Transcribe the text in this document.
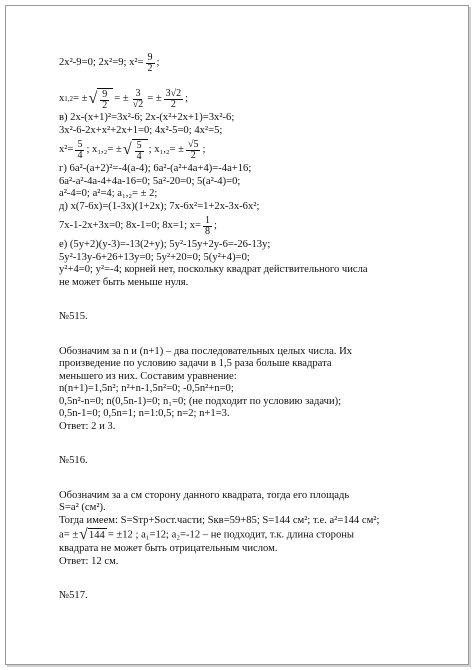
2x²-9=0; 2x²=9; $x^2= \frac{9}{2}$ ;
x 1,2 = ± √ $\frac{9}{2}$ = ± $\frac{3}{√2}$ = ± $\frac{3√2}{2}$ ;
в) 2x-(x+1)²=3x²-6; 2x-(x²+2x+1)=3x²-6;
3x²-6-2x+x²+2x+1=0; 4x²-5=0; 4x²=5;
$x^2= \frac{5}{4}$ ; x₁,₂= ± √ $\frac{5}{4}$ ; $x_1,_2= \pm \frac{√5}{2}$ ;
г) 6a²-(a+2)²=-4(a-4); 6a²-(a²+4a+4)=-4a+16;
6a²-a²-4a-4+4a-16=0; 5a²-20=0; 5(a²-4)=0;
a²-4=0; a²=4; a₁,₂= ± 2;
д) x(7-6x)=(1-3x)(1+2x); 7x-6x²=1+2x-3x-6x²;
7x-1-2x+3x=0; 8x-1=0; 8x=1; $x= \frac{1}{8}$ ;
е) (5y+2)(y-3)=-13(2+y); 5y²-15y+2y-6=-26-13y;
5y²-13y-6+26+13y=0; 5y²+20=0; 5(y²+4)=0;
y²+4=0; y²=-4; корней нет, поскольку квадрат действительного числа
не может быть меньше нуля.
№515.
Обозначим за n и (n+1) – два последовательных целых числа. Их
произведение по условию задачи в 1,5 раза больше квадрата
меньшего из них. Составим уравнение:
n(n+1)=1,5n²; n²+n-1,5n²=0; -0,5n²+n=0;
0,5n²-n=0; n(0,5n-1)=0; n₁=0; (не подходит по условию задачи);
0,5n-1=0; 0,5n=1; n=1:0,5; n=2; n+1=3.
Ответ: 2 и 3.
№516.
Обозначим за a см сторону данного квадрата, тогда его площадь
S=a² (см²).
Тогда имеем: S=Sтр+Sост.части; Sкв=59+85; S=144 см²; т.е. a²=144 см²;
a= ± √ 144 = ±12 ; a₁=12; a₂=-12 – не подходит, т.к. длина стороны
квадрата не может быть отрицательным числом.
Ответ: 12 см.
№517.
